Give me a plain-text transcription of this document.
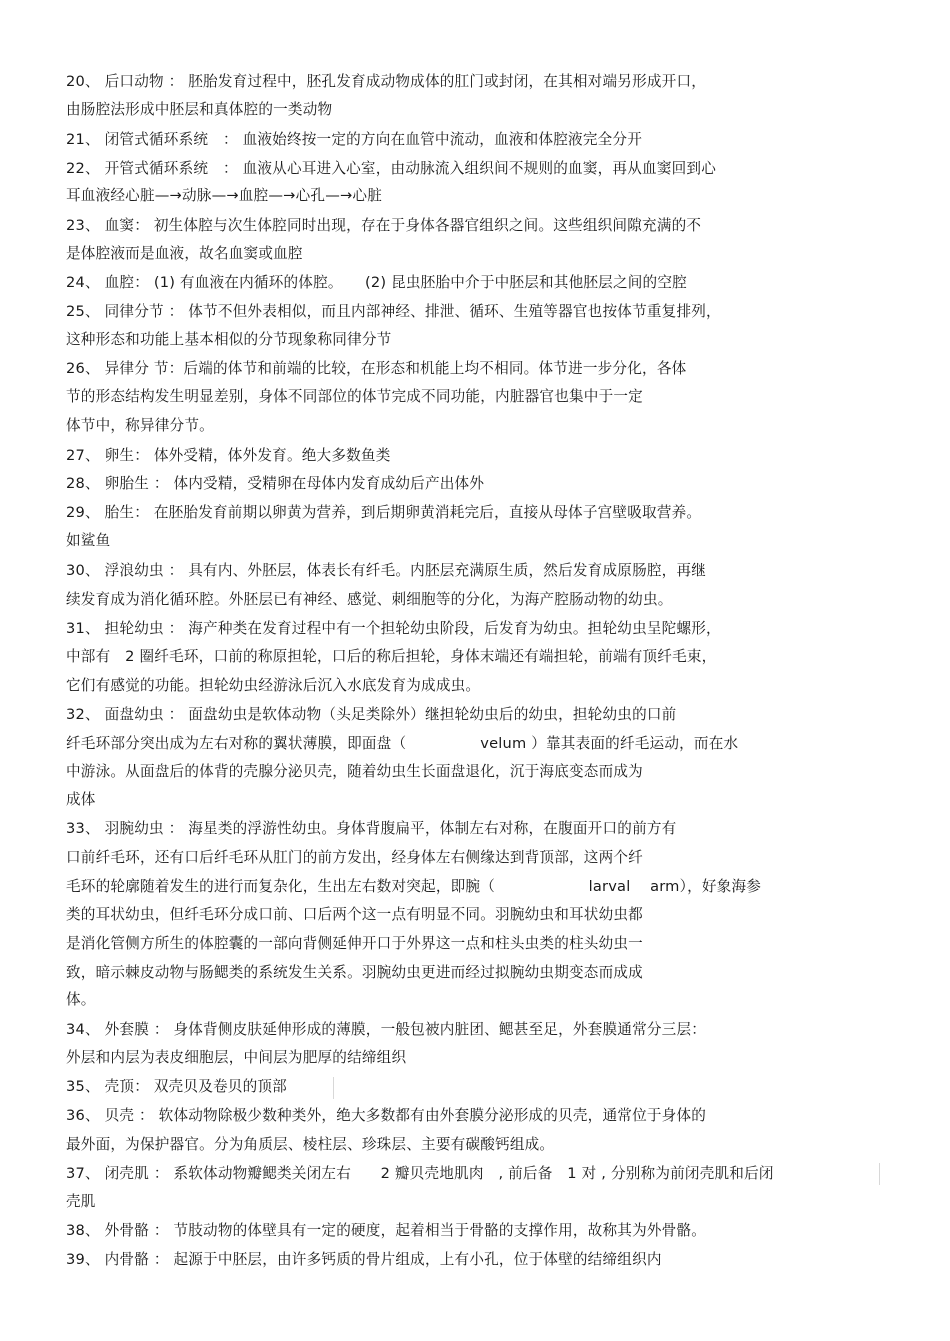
20、 后口动物 ： 胚胎发育过程中，胚孔发育成动物成体的肛门或封闭，在其相对端另形成开口，
由肠腔法形成中胚层和真体腔的一类动物
21、 闭管式循环系统　： 血液始终按一定的方向在血管中流动，血液和体腔液完全分开
22、 开管式循环系统　： 血液从心耳进入心室，由动脉流入组织间不规则的血窦，再从血窦回到心
耳血液经心脏—→动脉—→血腔—→心孔—→心脏
23、 血窦： 初生体腔与次生体腔同时出现，存在于身体各器官组织之间。这些组织间隙充满的不
是体腔液而是血液，故名血窦或血腔
24、 血腔： (1) 有血液在内循环的体腔。　　(2) 昆虫胚胎中介于中胚层和其他胚层之间的空腔
25、 同律分节 ： 体节不但外表相似，而且内部神经、排泄、循环、生殖等器官也按体节重复排列，
这种形态和功能上基本相似的分节现象称同律分节
26、 异律分 节：后端的体节和前端的比较，在形态和机能上均不相同。体节进一步分化，各体
节的形态结构发生明显差别，身体不同部位的体节完成不同功能，内脏器官也集中于一定
体节中，称异律分节。
27、 卵生： 体外受精，体外发育。绝大多数鱼类
28、 卵胎生 ： 体内受精，受精卵在母体内发育成幼后产出体外
29、 胎生： 在胚胎发育前期以卵黄为营养，到后期卵黄消耗完后，直接从母体子宫壁吸取营养。
如鲨鱼
30、 浮浪幼虫 ： 具有内、外胚层，体表长有纤毛。内胚层充满原生质，然后发育成原肠腔，再继
续发育成为消化循环腔。外胚层已有神经、感觉、刺细胞等的分化，为海产腔肠动物的幼虫。
31、 担轮幼虫 ： 海产种类在发育过程中有一个担轮幼虫阶段，后发育为幼虫。担轮幼虫呈陀螺形，
中部有　2 圈纤毛环，口前的称原担轮，口后的称后担轮，身体末端还有端担轮，前端有顶纤毛束，
它们有感觉的功能。担轮幼虫经游泳后沉入水底发育为成成虫。
32、 面盘幼虫 ： 面盘幼虫是软体动物（头足类除外）继担轮幼虫后的幼虫，担轮幼虫的口前
纤毛环部分突出成为左右对称的翼状薄膜，即面盘（　　　　　velum ）靠其表面的纤毛运动，而在水
中游泳。从面盘后的体背的壳腺分泌贝壳，随着幼虫生长面盘退化，沉于海底变态而成为
成体
33、 羽腕幼虫 ： 海星类的浮游性幼虫。身体背腹扁平，体制左右对称，在腹面开口的前方有
口前纤毛环，还有口后纤毛环从肛门的前方发出，经身体左右侧缘达到背顶部，这两个纤
毛环的轮廓随着发生的进行而复杂化，生出左右数对突起，即腕（　　　　　　 larval　 arm），好象海参
类的耳状幼虫，但纤毛环分成口前、口后两个这一点有明显不同。羽腕幼虫和耳状幼虫都
是消化管侧方所生的体腔囊的一部向背侧延伸开口于外界这一点和柱头虫类的柱头幼虫一
致，暗示棘皮动物与肠鳃类的系统发生关系。羽腕幼虫更进而经过拟腕幼虫期变态而成成
体。
34、 外套膜 ： 身体背侧皮肤延伸形成的薄膜，一般包被内脏团、鳃甚至足，外套膜通常分三层：
外层和内层为表皮细胞层，中间层为肥厚的结缔组织
35、 壳顶： 双壳贝及卷贝的顶部
36、 贝壳 ： 软体动物除极少数种类外，绝大多数都有由外套膜分泌形成的贝壳，通常位于身体的
最外面，为保护器官。分为角质层、棱柱层、珍珠层、主要有碳酸钙组成。
37、 闭壳肌 ： 系软体动物瓣鳃类关闭左右　　2 瓣贝壳地肌肉　, 前后备　1 对 , 分别称为前闭壳肌和后闭
壳肌
38、 外骨骼 ： 节肢动物的体壁具有一定的硬度，起着相当于骨骼的支撑作用，故称其为外骨骼。
39、 内骨骼 ： 起源于中胚层，由许多钙质的骨片组成，上有小孔，位于体壁的结缔组织内
